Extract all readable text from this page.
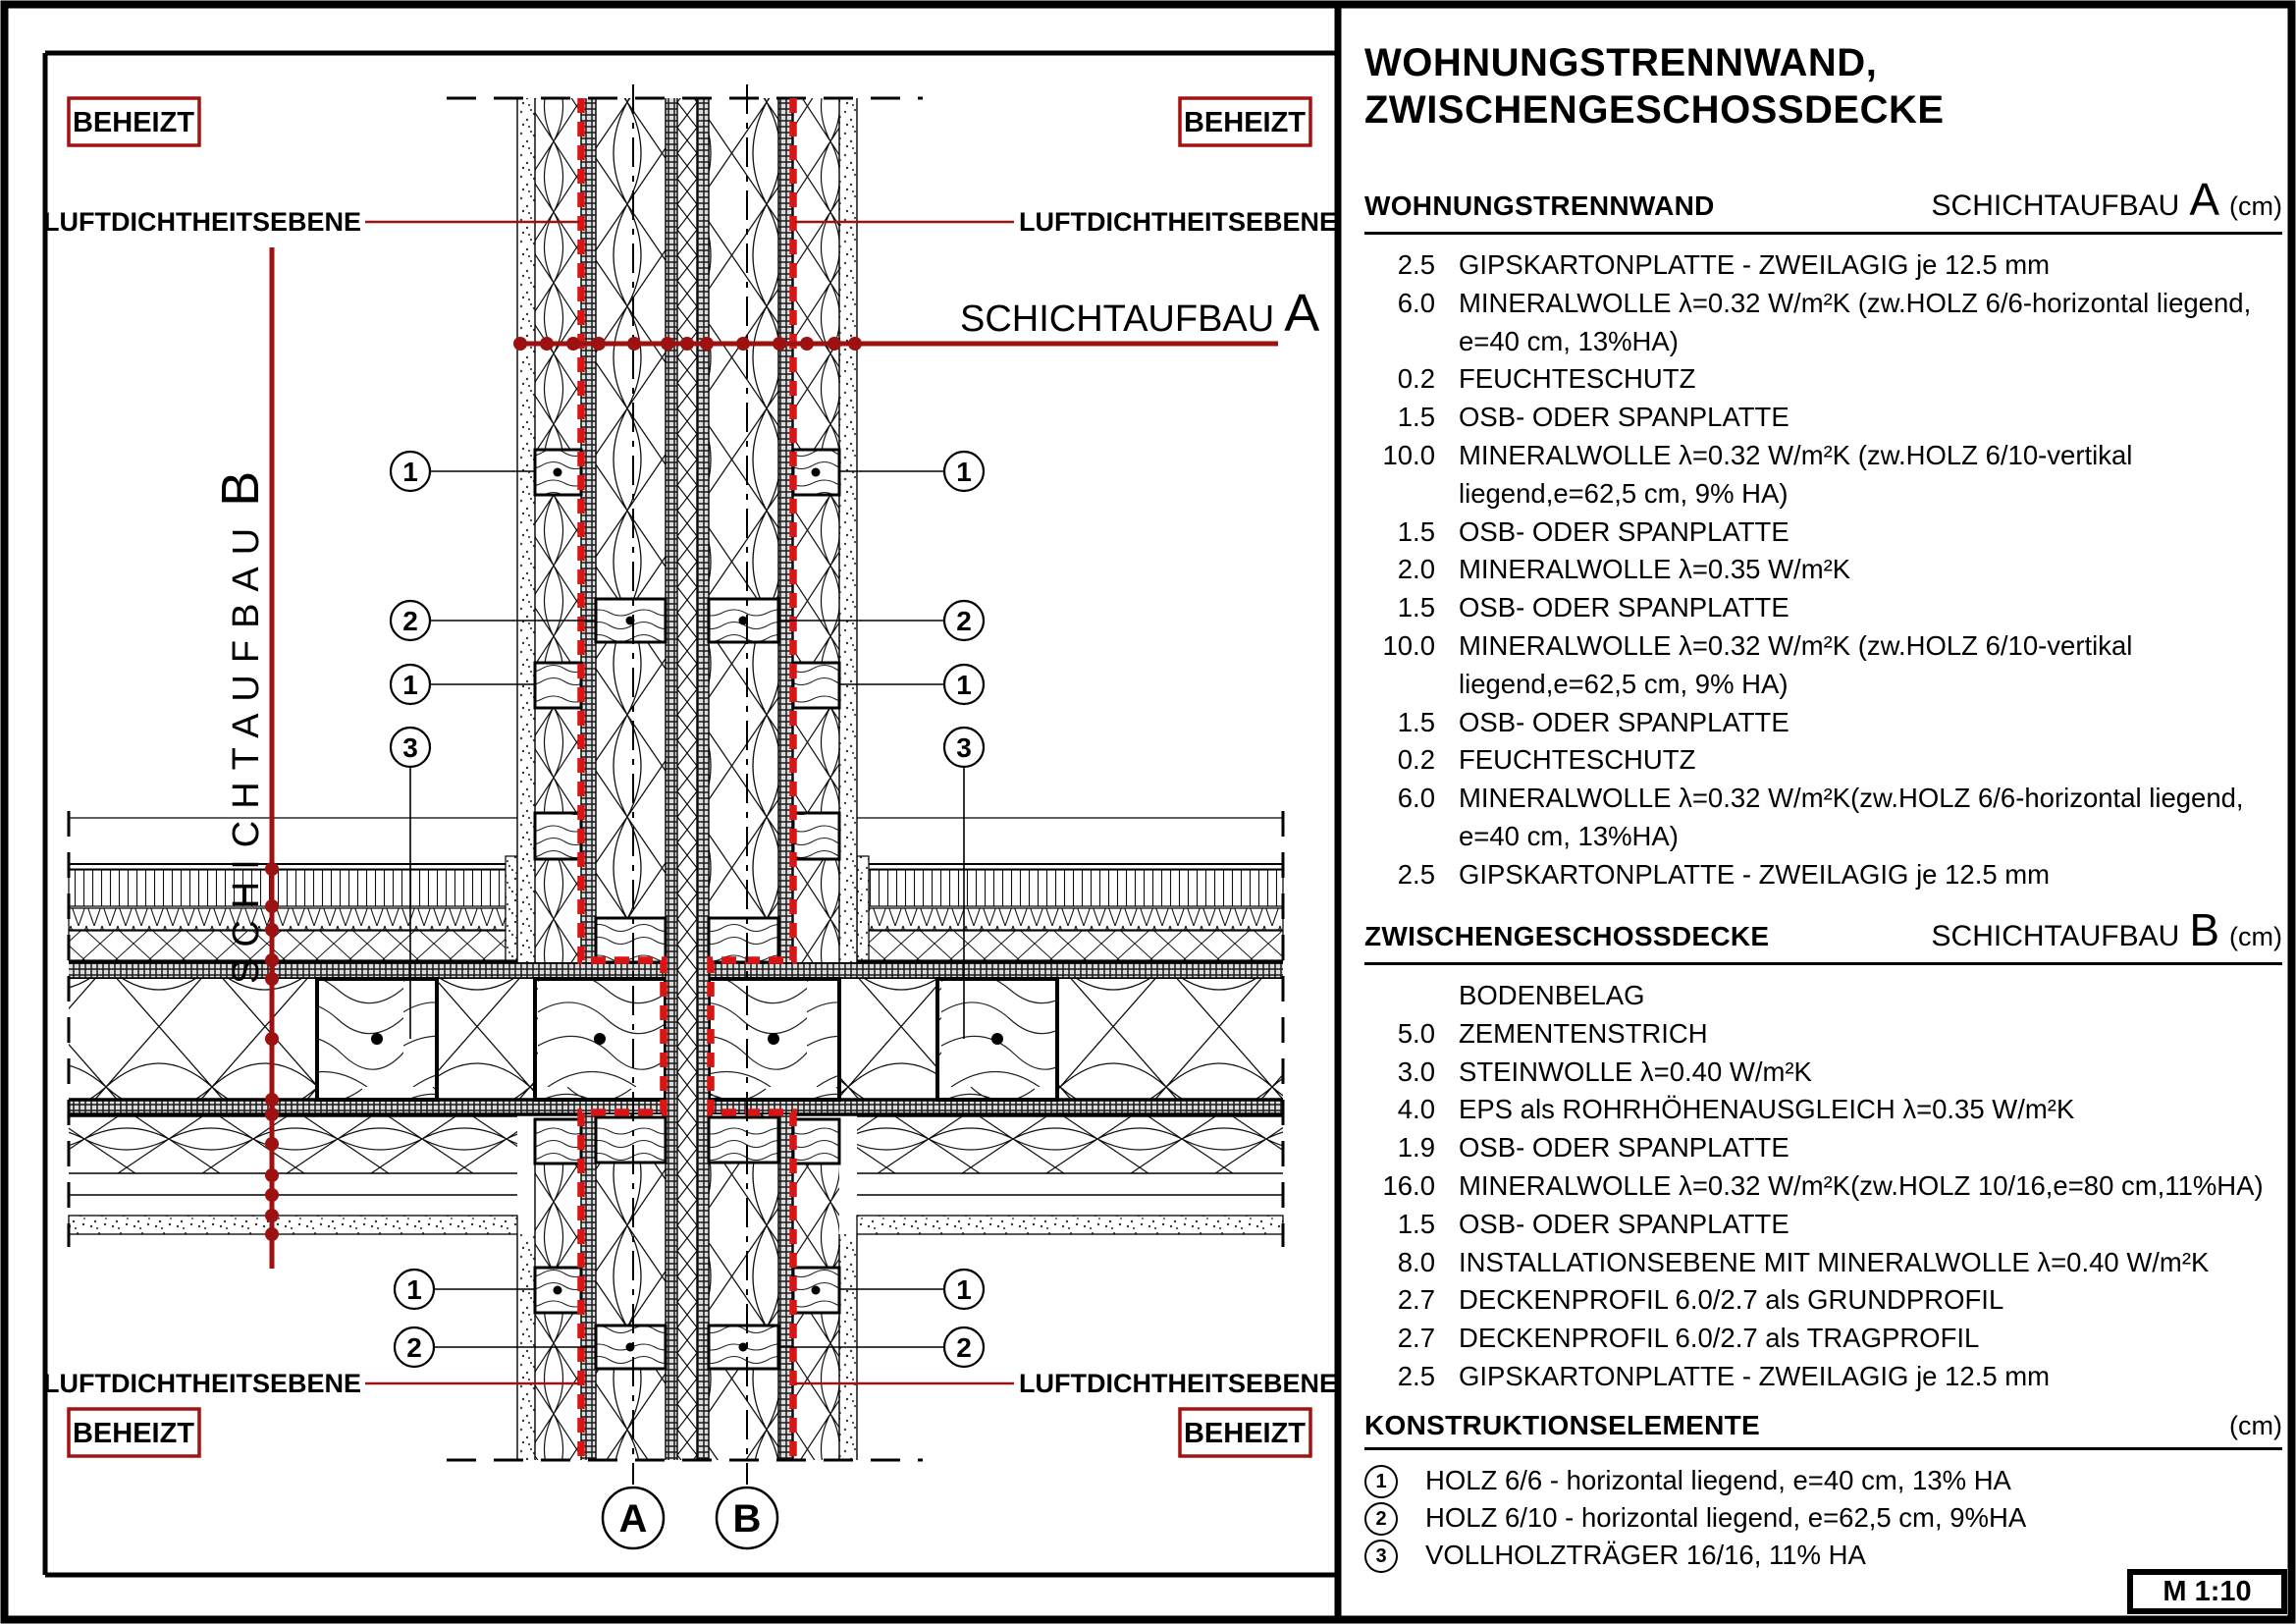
A B
SCHICHTAUFBAU A
SCHICHTAUFBAUB
LUFTDICHTHEITSEBENE	LUFTDICHTHEITSEBENE
LUFTDICHTHEITSEBENE	LUFTDICHTHEITSEBENE
BEHEIZT	BEHEIZT
BEHEIZT	BEHEIZT
1
2
1
3
1
2
1
3
1
2
1
2
WOHNUNGSTRENNWAND,
ZWISCHENGESCHOSSDECKE
WOHNUNGSTRENNWAND	SCHICHTAUFBAU A (cm)
2.5 GIPSKARTONPLATTE - ZWEILAGIG je 12.5 mm
6.0 MINERALWOLLE λ=0.32 W/m²K (zw.HOLZ 6/6-horizontal liegend,
e=40 cm, 13%HA)
0.2 FEUCHTESCHUTZ
1.5 OSB- ODER SPANPLATTE
10.0 MINERALWOLLE λ=0.32 W/m²K (zw.HOLZ 6/10-vertikal
liegend,e=62,5 cm, 9% HA)
1.5 OSB- ODER SPANPLATTE
2.0 MINERALWOLLE λ=0.35 W/m²K
1.5 OSB- ODER SPANPLATTE
10.0 MINERALWOLLE λ=0.32 W/m²K (zw.HOLZ 6/10-vertikal
liegend,e=62,5 cm, 9% HA)
1.5 OSB- ODER SPANPLATTE
0.2 FEUCHTESCHUTZ
6.0 MINERALWOLLE λ=0.32 W/m²K(zw.HOLZ 6/6-horizontal liegend,
e=40 cm, 13%HA)
2.5 GIPSKARTONPLATTE - ZWEILAGIG je 12.5 mm
ZWISCHENGESCHOSSDECKE	SCHICHTAUFBAU B (cm)
BODENBELAG
5.0 ZEMENTENSTRICH
3.0 STEINWOLLE λ=0.40 W/m²K
4.0 EPS als ROHRHÖHENAUSGLEICH λ=0.35 W/m²K
1.9 OSB- ODER SPANPLATTE
16.0 MINERALWOLLE λ=0.32 W/m²K(zw.HOLZ 10/16,e=80 cm,11%HA)
1.5 OSB- ODER SPANPLATTE
8.0 INSTALLATIONSEBENE MIT MINERALWOLLE λ=0.40 W/m²K
2.7 DECKENPROFIL 6.0/2.7 als GRUNDPROFIL
2.7 DECKENPROFIL 6.0/2.7 als TRAGPROFIL
2.5 GIPSKARTONPLATTE - ZWEILAGIG je 12.5 mm
KONSTRUKTIONSELEMENTE	(cm)
1	HOLZ 6/6 - horizontal liegend, e=40 cm, 13% HA
2	HOLZ 6/10 - horizontal liegend, e=62,5 cm, 9%HA
3	VOLLHOLZTRÄGER 16/16, 11% HA
M 1:10
